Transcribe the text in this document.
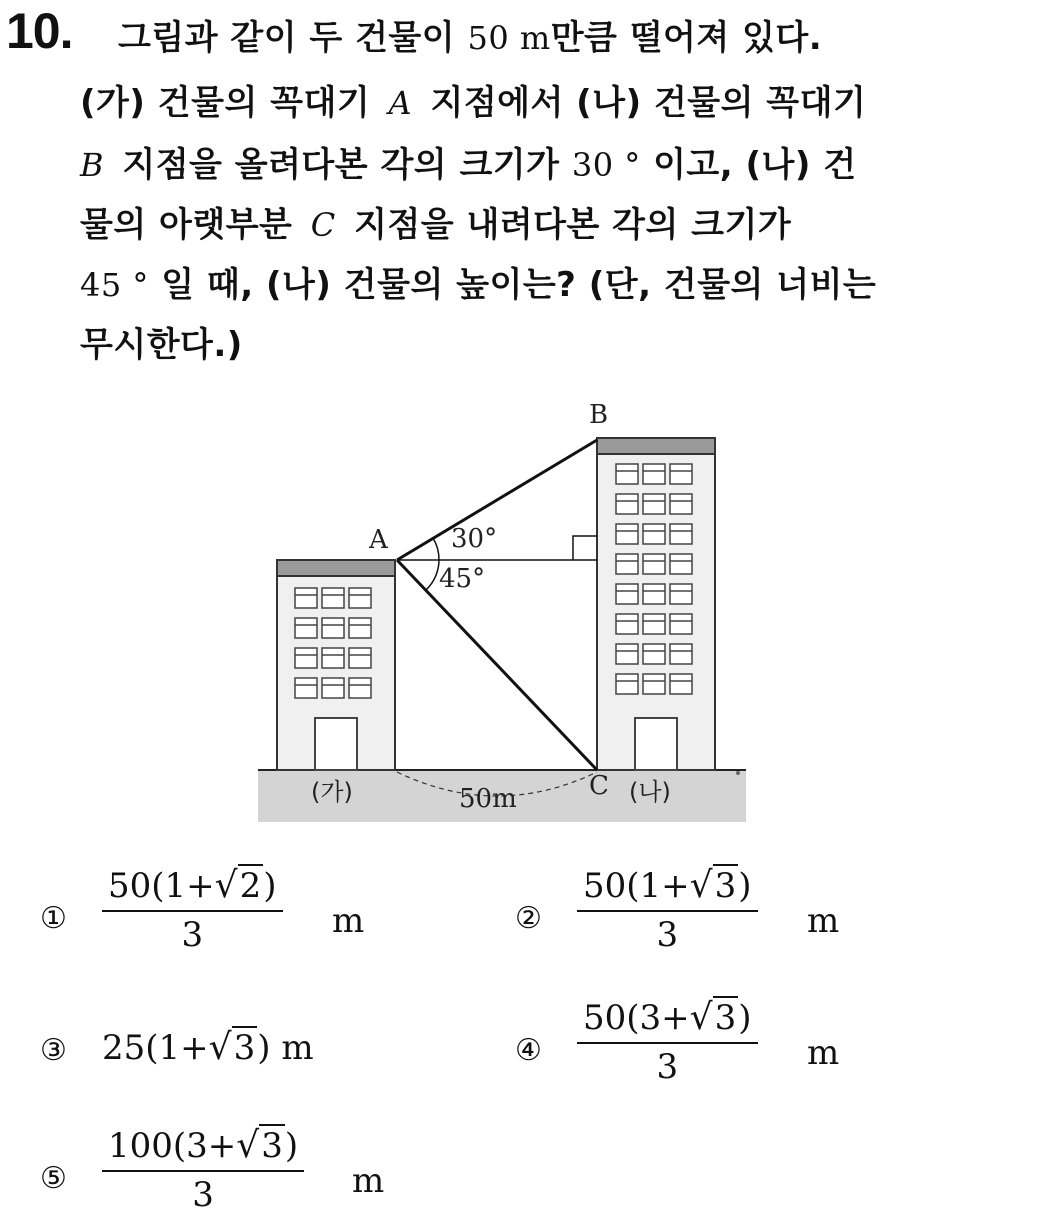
10. 그림과 같이 두 건물이 50 m만큼 떨어져 있다.
(가) 건물의 꼭대기 A 지점에서 (나) 건물의 꼭대기
B 지점을 올려다본 각의 크기가 30 ° 이고, (나) 건
물의 아랫부분 C 지점을 내려다본 각의 크기가
45 ° 일 때, (나) 건물의 높이는? (단, 건물의 너비는
무시한다.)
B
A
C
30°
45°
50m
(가)	(나)
① $\frac{50(1+√2)}{3}$ m	② $\frac{50(1+√3)}{3}$ m
③ 25(1+√3) m	④ $\frac{50(3+√3)}{3}$ m
⑤ $\frac{100(3+√3)}{3}$ m
